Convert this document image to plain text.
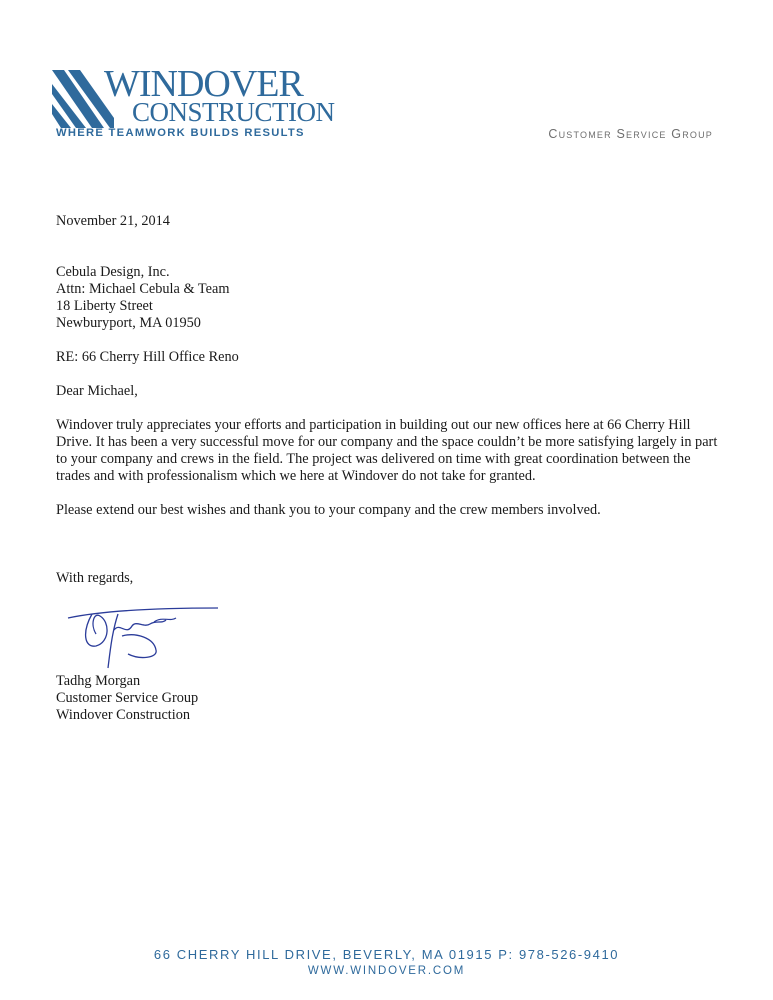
WINDOVER
CONSTRUCTION
WHERE TEAMWORK BUILDS RESULTS	Customer Service Group
November 21, 2014
Cebula Design, Inc.
Attn: Michael Cebula & Team
18 Liberty Street
Newburyport, MA 01950
RE: 66 Cherry Hill Office Reno
Dear Michael,
Windover truly appreciates your efforts and participation in building out our new offices here at 66 Cherry Hill Drive. It has been a very successful move for our company and the space couldn’t be more satisfying largely in part to your company and crews in the field. The project was delivered on time with great coordination between the trades and with professionalism which we here at Windover do not take for granted.
Please extend our best wishes and thank you to your company and the crew members involved.
With regards,
Tadhg Morgan
Customer Service Group
Windover Construction
66 CHERRY HILL DRIVE, BEVERLY, MA 01915 P: 978-526-9410
WWW.WINDOVER.COM
